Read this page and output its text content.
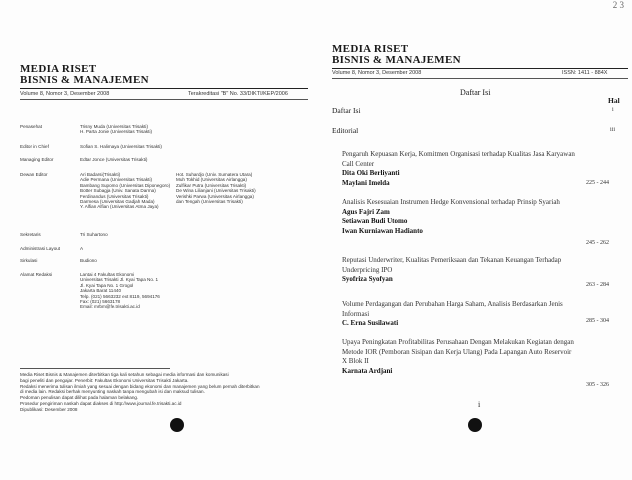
MEDIA RISET
BISNIS & MANAJEMEN
Volume 8, Nomor 3, Desember 2008	Terakreditasi "B" No. 33/DIKTI/KEP/2006
Penasehat	Trisny Muda (Universitas Trisakti)
H. Parta Jonie (Universitas Trisakti)
Editor in Chief	Sofian S. Halimaya (Universitas Trisakti)
Managing Editor	Edtar Jonce (Universitas Trisakti)
Dewan Editor	Ari Badarsi(Trisakti)
Adie Permana (Universitas Trisakti)
Bambang Supomo (Universitas Diponegoro)
Botter Subagja (Univ. Sanata Darma)
Ferdinandus (Universitas Trisakti)
Darmesa (Universitas Gadjah Mada)
Y. Alfian Alfian (Universitas Atma Jaya)
Hot. Suhardjo (Univ. Sumatera Utara)
Muh Tokhid (Universitas Airlangga)
Zulfikar Putra (Universitas Trisakti)
De Wina Lilianjani (Universitas Trisakti)
Verishki Parwa (Universitas Airlangga)
dan Tengah (Universitas Trisakti)
Sekretaris	Tri Suhartono
Administrasi Layout	A
Sirkulasi	Budiono
Alamat Redaksi	Lantai 4 Fakultas Ekonomi
Universitas Trisakti Jl. Kyai Tapa No. 1
Jl. Kyai Tapa No. 1 Grogol
Jakarta Barat 11440
Telp. (021) 5663232 ext 8119, 5694176
Fax: (021) 5663178
Email: mrbm@fe.trisakti.ac.id
Media Riset Bisnis & Manajemen diterbitkan tiga kali setahun sebagai media informasi dan komunikasi
bagi peneliti dan pengajar. Penerbit: Fakultas Ekonomi Universitas Trisakti Jakarta.
Redaksi menerima tulisan ilmiah yang sesuai dengan bidang ekonomi dan manajemen yang belum pernah diterbitkan
di media lain. Redaksi berhak menyunting naskah tanpa mengubah isi dan maksud tulisan.
Pedoman penulisan dapat dilihat pada halaman belakang.
Prosedur pengiriman naskah dapat diakses di http://www.journal.fe.trisakti.ac.id
Dipublikasi: Desember 2008
2 3
MEDIA RISET
BISNIS & MANAJEMEN
Volume 8, Nomor 3, Desember 2008	ISSN: 1411 - 884X
Daftar Isi
Hal
Daftar Isi	i
Editorial	iii
Pengaruh Kepuasan Kerja, Komitmen Organisasi terhadap Kualitas Jasa Karyawan Call Center
Dita Oki Berliyanti
Maylani Imelda	225 - 244
Analisis Kesesuaian Instrumen Hedge Konvensional terhadap Prinsip Syariah
Agus Fajri Zam
Setiawan Budi Utomo
Iwan Kurniawan Hadianto
245 - 262
Reputasi Underwriter, Kualitas Pemeriksaan dan Tekanan Keuangan Terhadap Underpricing IPO
Syofriza Syofyan
263 - 284
Volume Perdagangan dan Perubahan Harga Saham, Analisis Berdasarkan Jenis Informasi
C. Erna Susilawati	285 - 304
Upaya Peningkatan Profitabilitas Perusahaan Dengan Melakukan Kegiatan dengan Metode IOR (Pemboran Sisipan dan Kerja Ulang) Pada Lapangan Auto Reservoir X Blok II
Karnata Ardjani
305 - 326
i
